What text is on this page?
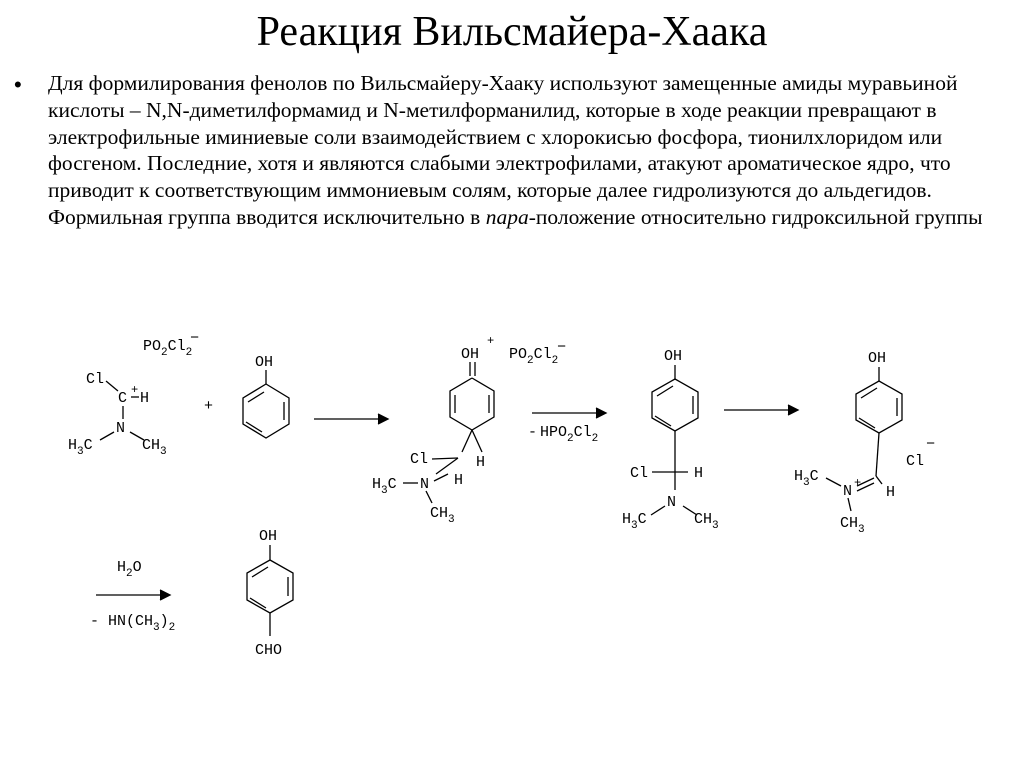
Реакция Вильсмайера-Хаака
• Для формилирования фенолов по Вильсмайеру-Хааку используют замещенные амиды муравьиной кислоты – N,N-диметилформамид и N-метилформанилид, которые в ходе реакции превращают в электрофильные иминиевые соли взаимодействием с хлорокисью фосфора, тионилхлоридом или фосгеном. Последние, хотя и являются слабыми электрофилами, атакуют ароматическое ядро, что приводит к соответствующим иммониевым солям, которые далее гидролизуются до альдегидов. Формильная группа вводится исключительно в пара-положение относительно гидроксильной группы
$PO_2Cl_2$
−
Cl
C + H
N
$H_3C$	$CH_3$
+
OH	OH
+
$PO_2Cl_2$
−
H
Cl
N H
$H_3C$
$CH_3$
- $HPO_2Cl_2$
OH
Cl	H
N
$H_3C$	$CH_3$
OH
Cl
−
H
N +
$H_3C$
$CH_3$
$H_2O$
- $HN(CH_3)_2$
OH
CHO
